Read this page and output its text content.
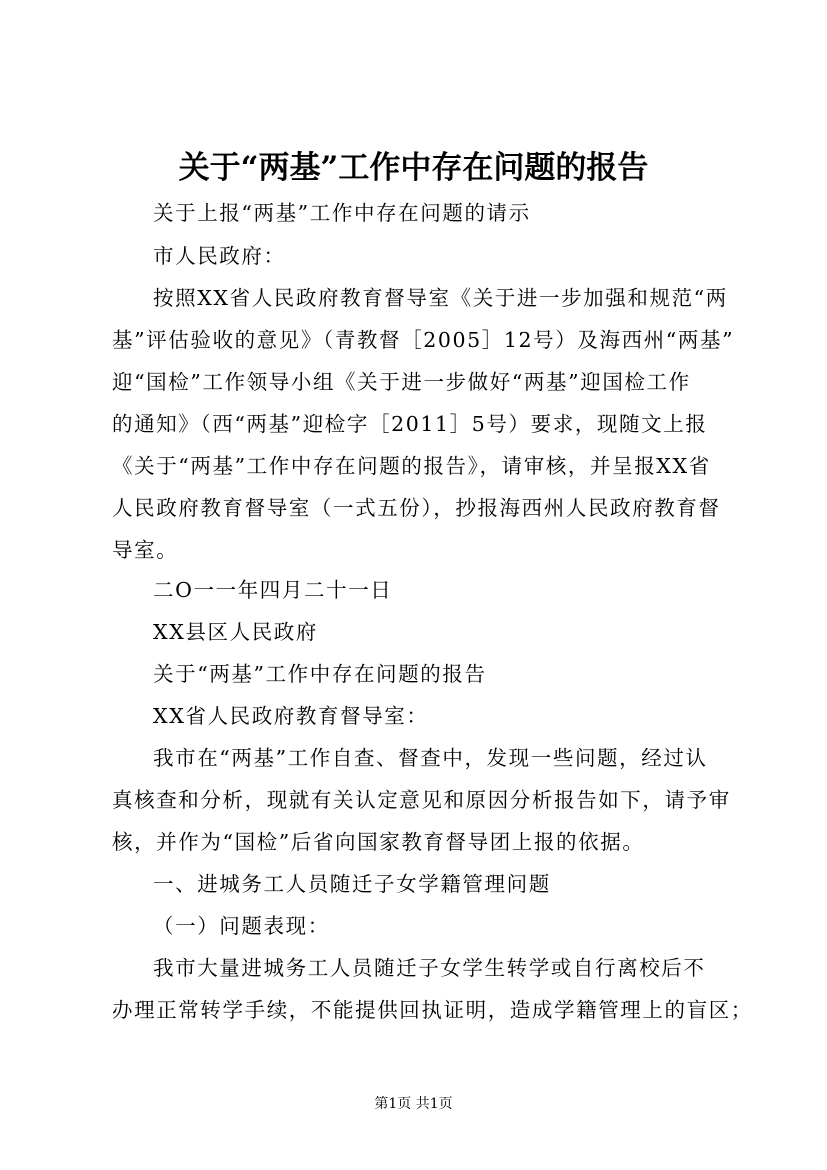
关于“两基”工作中存在问题的报告
关于上报“两基”工作中存在问题的请示
市人民政府：
按照XX省人民政府教育督导室《关于进一步加强和规范“两
基”评估验收的意见》（青教督［2005］12号）及海西州“两基”
迎“国检”工作领导小组《关于进一步做好“两基”迎国检工作
的通知》（西“两基”迎检字［2011］5号）要求，现随文上报
《关于“两基”工作中存在问题的报告》，请审核，并呈报XX省
人民政府教育督导室（一式五份），抄报海西州人民政府教育督
导室。
二O一一年四月二十一日
XX县区人民政府
关于“两基”工作中存在问题的报告
XX省人民政府教育督导室：
我市在“两基”工作自查、督查中，发现一些问题，经过认
真核查和分析，现就有关认定意见和原因分析报告如下，请予审
核，并作为“国检”后省向国家教育督导团上报的依据。
一、进城务工人员随迁子女学籍管理问题
（一）问题表现：
我市大量进城务工人员随迁子女学生转学或自行离校后不
办理正常转学手续，不能提供回执证明，造成学籍管理上的盲区；
第1页 共1页
